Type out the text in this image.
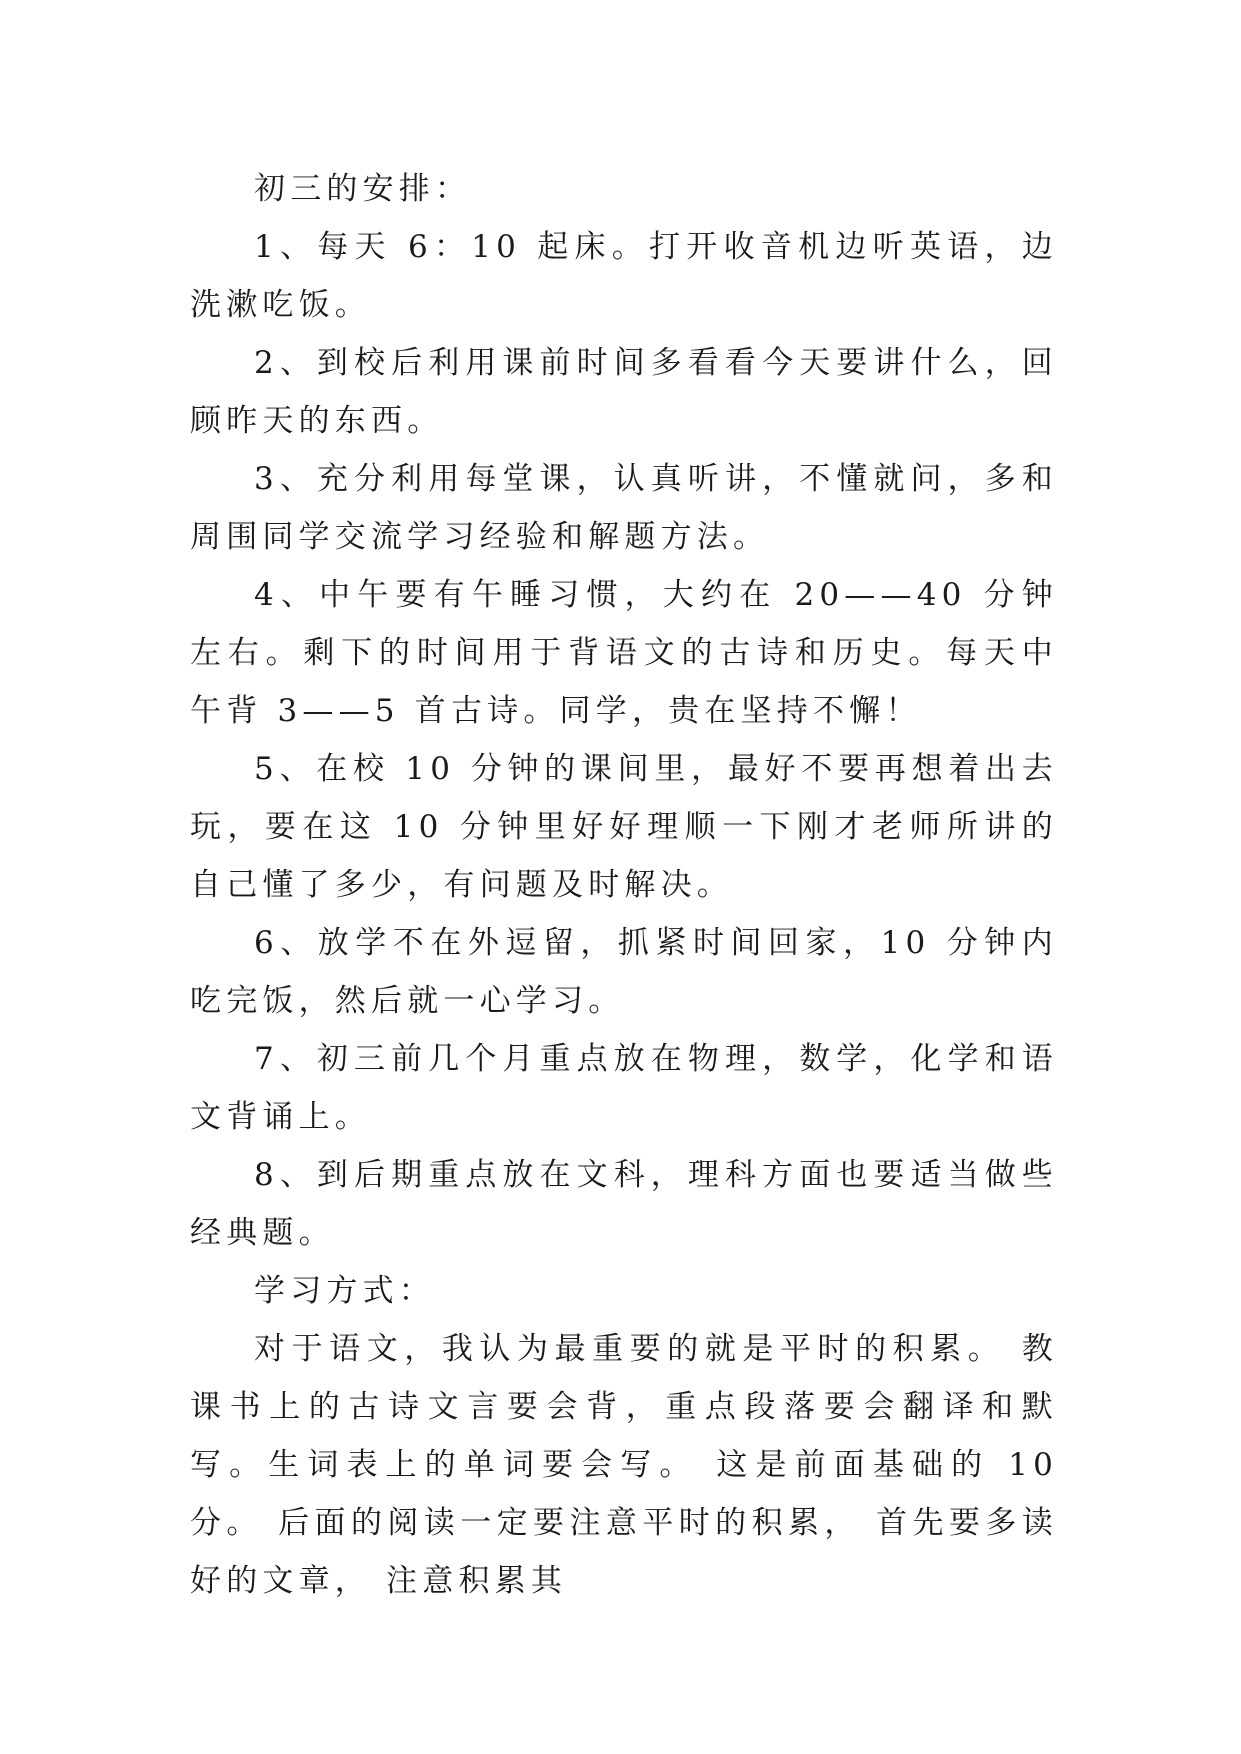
初三的安排：

1、每天 6：10 起床。打开收音机边听英语，边洗漱吃饭。

2、到校后利用课前时间多看看今天要讲什么，回顾昨天的东西。

3、充分利用每堂课，认真听讲，不懂就问，多和周围同学交流学习经验和解题方法。

4、中午要有午睡习惯，大约在 20——40 分钟左右。剩下的时间用于背语文的古诗和历史。每天中午背 3——5 首古诗。同学，贵在坚持不懈！

5、在校 10 分钟的课间里，最好不要再想着出去玩，要在这 10 分钟里好好理顺一下刚才老师所讲的自己懂了多少，有问题及时解决。

6、放学不在外逗留，抓紧时间回家，10 分钟内吃完饭，然后就一心学习。

7、初三前几个月重点放在物理，数学，化学和语文背诵上。

8、到后期重点放在文科，理科方面也要适当做些经典题。

学习方式：

对于语文，我认为最重要的就是平时的积累。 教课书上的古诗文言要会背，重点段落要会翻译和默写。生词表上的单词要会写。 这是前面基础的 10 分。 后面的阅读一定要注意平时的积累， 首先要多读好的文章， 注意积累其
